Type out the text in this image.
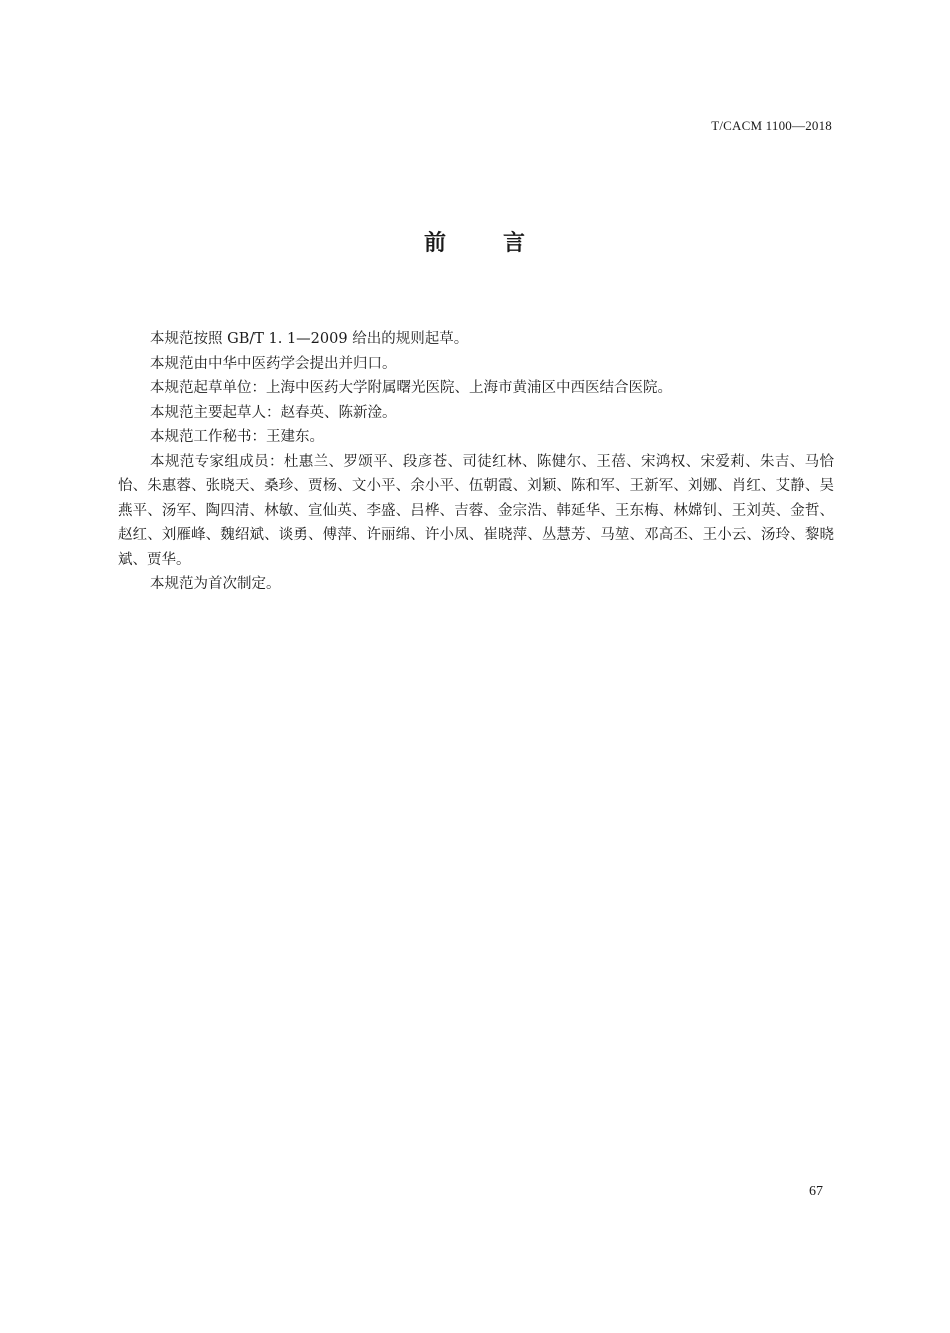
T/CACM 1100—2018
前	言

本规范按照 GB/T 1. 1—2009 给出的规则起草。

本规范由中华中医药学会提出并归口。

本规范起草单位：上海中医药大学附属曙光医院、上海市黄浦区中西医结合医院。

本规范主要起草人：赵春英、陈新淦。

本规范工作秘书：王建东。

本规范专家组成员：杜惠兰、罗颂平、段彦苍、司徒红林、陈健尔、王蓓、宋鸿权、宋爱莉、朱吉、马恰怡、朱惠蓉、张晓天、桑珍、贾杨、文小平、余小平、伍朝霞、刘颖、陈和军、王新军、刘娜、肖红、艾静、吴燕平、汤军、陶四清、林敏、宣仙英、李盛、吕桦、吉蓉、金宗浩、韩延华、王东梅、林嫦钊、王刘英、金哲、赵红、刘雁峰、魏绍斌、谈勇、傅萍、许丽绵、许小凤、崔晓萍、丛慧芳、马堃、邓高丕、王小云、汤玲、黎晓斌、贾华。

本规范为首次制定。

67
